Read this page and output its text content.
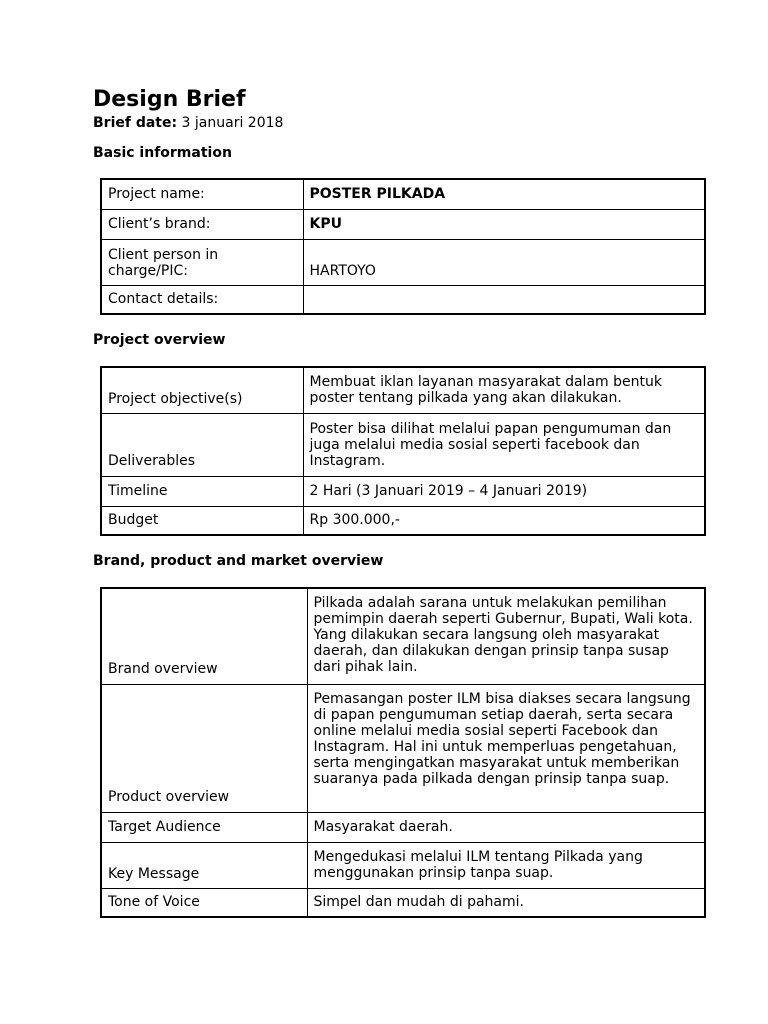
Design Brief
Brief date: 3 januari 2018
Basic information
Project name:	POSTER PILKADA
Client’s brand:	KPU
Client person in charge/PIC:	HARTOYO
Contact details:	
Project overview
Project objective(s)	Membuat iklan layanan masyarakat dalam bentuk poster tentang pilkada yang akan dilakukan.
Deliverables	Poster bisa dilihat melalui papan pengumuman dan juga melalui media sosial seperti facebook dan Instagram.
Timeline	2 Hari (3 Januari 2019 – 4 Januari 2019)
Budget	Rp 300.000,-
Brand, product and market overview
Brand overview	Pilkada adalah sarana untuk melakukan pemilihan pemimpin daerah seperti Gubernur, Bupati, Wali kota. Yang dilakukan secara langsung oleh masyarakat daerah, dan dilakukan dengan prinsip tanpa susap dari pihak lain.
Product overview	Pemasangan poster ILM bisa diakses secara langsung di papan pengumuman setiap daerah, serta secara online melalui media sosial seperti Facebook dan Instagram. Hal ini untuk memperluas pengetahuan, serta mengingatkan masyarakat untuk memberikan suaranya pada pilkada dengan prinsip tanpa suap.
Target Audience	Masyarakat daerah.
Key Message	Mengedukasi melalui ILM tentang Pilkada yang menggunakan prinsip tanpa suap.
Tone of Voice	Simpel dan mudah di pahami.
